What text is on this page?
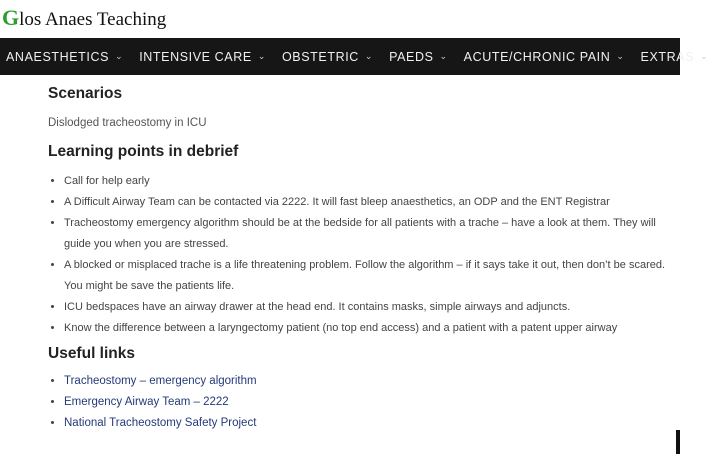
Glos Anaes Teaching
ANAESTHETICS ⌄ INTENSIVE CARE ⌄ OBSTETRIC ⌄ PAEDS ⌄ ACUTE/CHRONIC PAIN ⌄ EXTRAS ⌄
Scenarios
Dislodged tracheostomy in ICU
Learning points in debrief
• Call for help early
• A Difficult Airway Team can be contacted via 2222. It will fast bleep anaesthetics, an ODP and the ENT Registrar
• Tracheostomy emergency algorithm should be at the bedside for all patients with a trache – have a look at them. They will guide you when you are stressed.
• A blocked or misplaced trache is a life threatening problem. Follow the algorithm – if it says take it out, then don’t be scared. You might be save the patients life.
• ICU bedspaces have an airway drawer at the head end. It contains masks, simple airways and adjuncts.
• Know the difference between a laryngectomy patient (no top end access) and a patient with a patent upper airway
Useful links
• Tracheostomy – emergency algorithm
• Emergency Airway Team – 2222
• National Tracheostomy Safety Project
